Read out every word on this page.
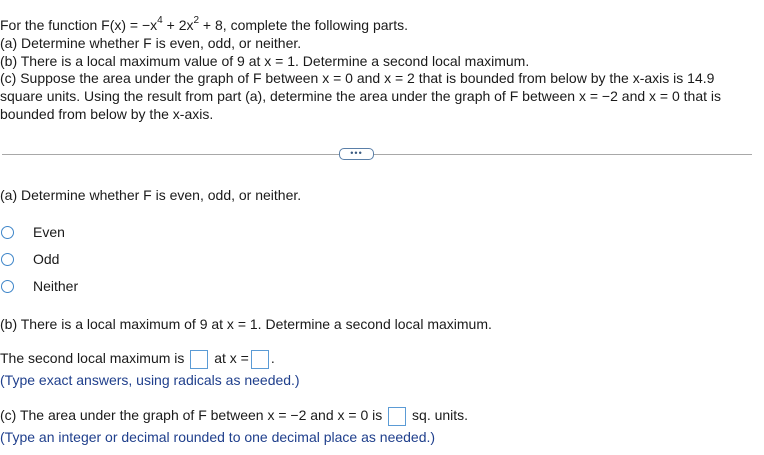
For the function $F(x) = -x^4 + 2x^2 + 8$, complete the following parts.
(a) Determine whether F is even, odd, or neither.
(b) There is a local maximum value of 9 at x = 1. Determine a second local maximum.
(c) Suppose the area under the graph of F between x = 0 and x = 2 that is bounded from below by the x-axis is 14.9
square units. Using the result from part (a), determine the area under the graph of F between x = −2 and x = 0 that is
bounded from below by the x-axis.
•••
(a) Determine whether F is even, odd, or neither.
Even
Odd
Neither
(b) There is a local maximum of 9 at x = 1. Determine a second local maximum.
The second local maximum is at x = .
(Type exact answers, using radicals as needed.)
(c) The area under the graph of F between x = −2 and x = 0 is sq. units.
(Type an integer or decimal rounded to one decimal place as needed.)
